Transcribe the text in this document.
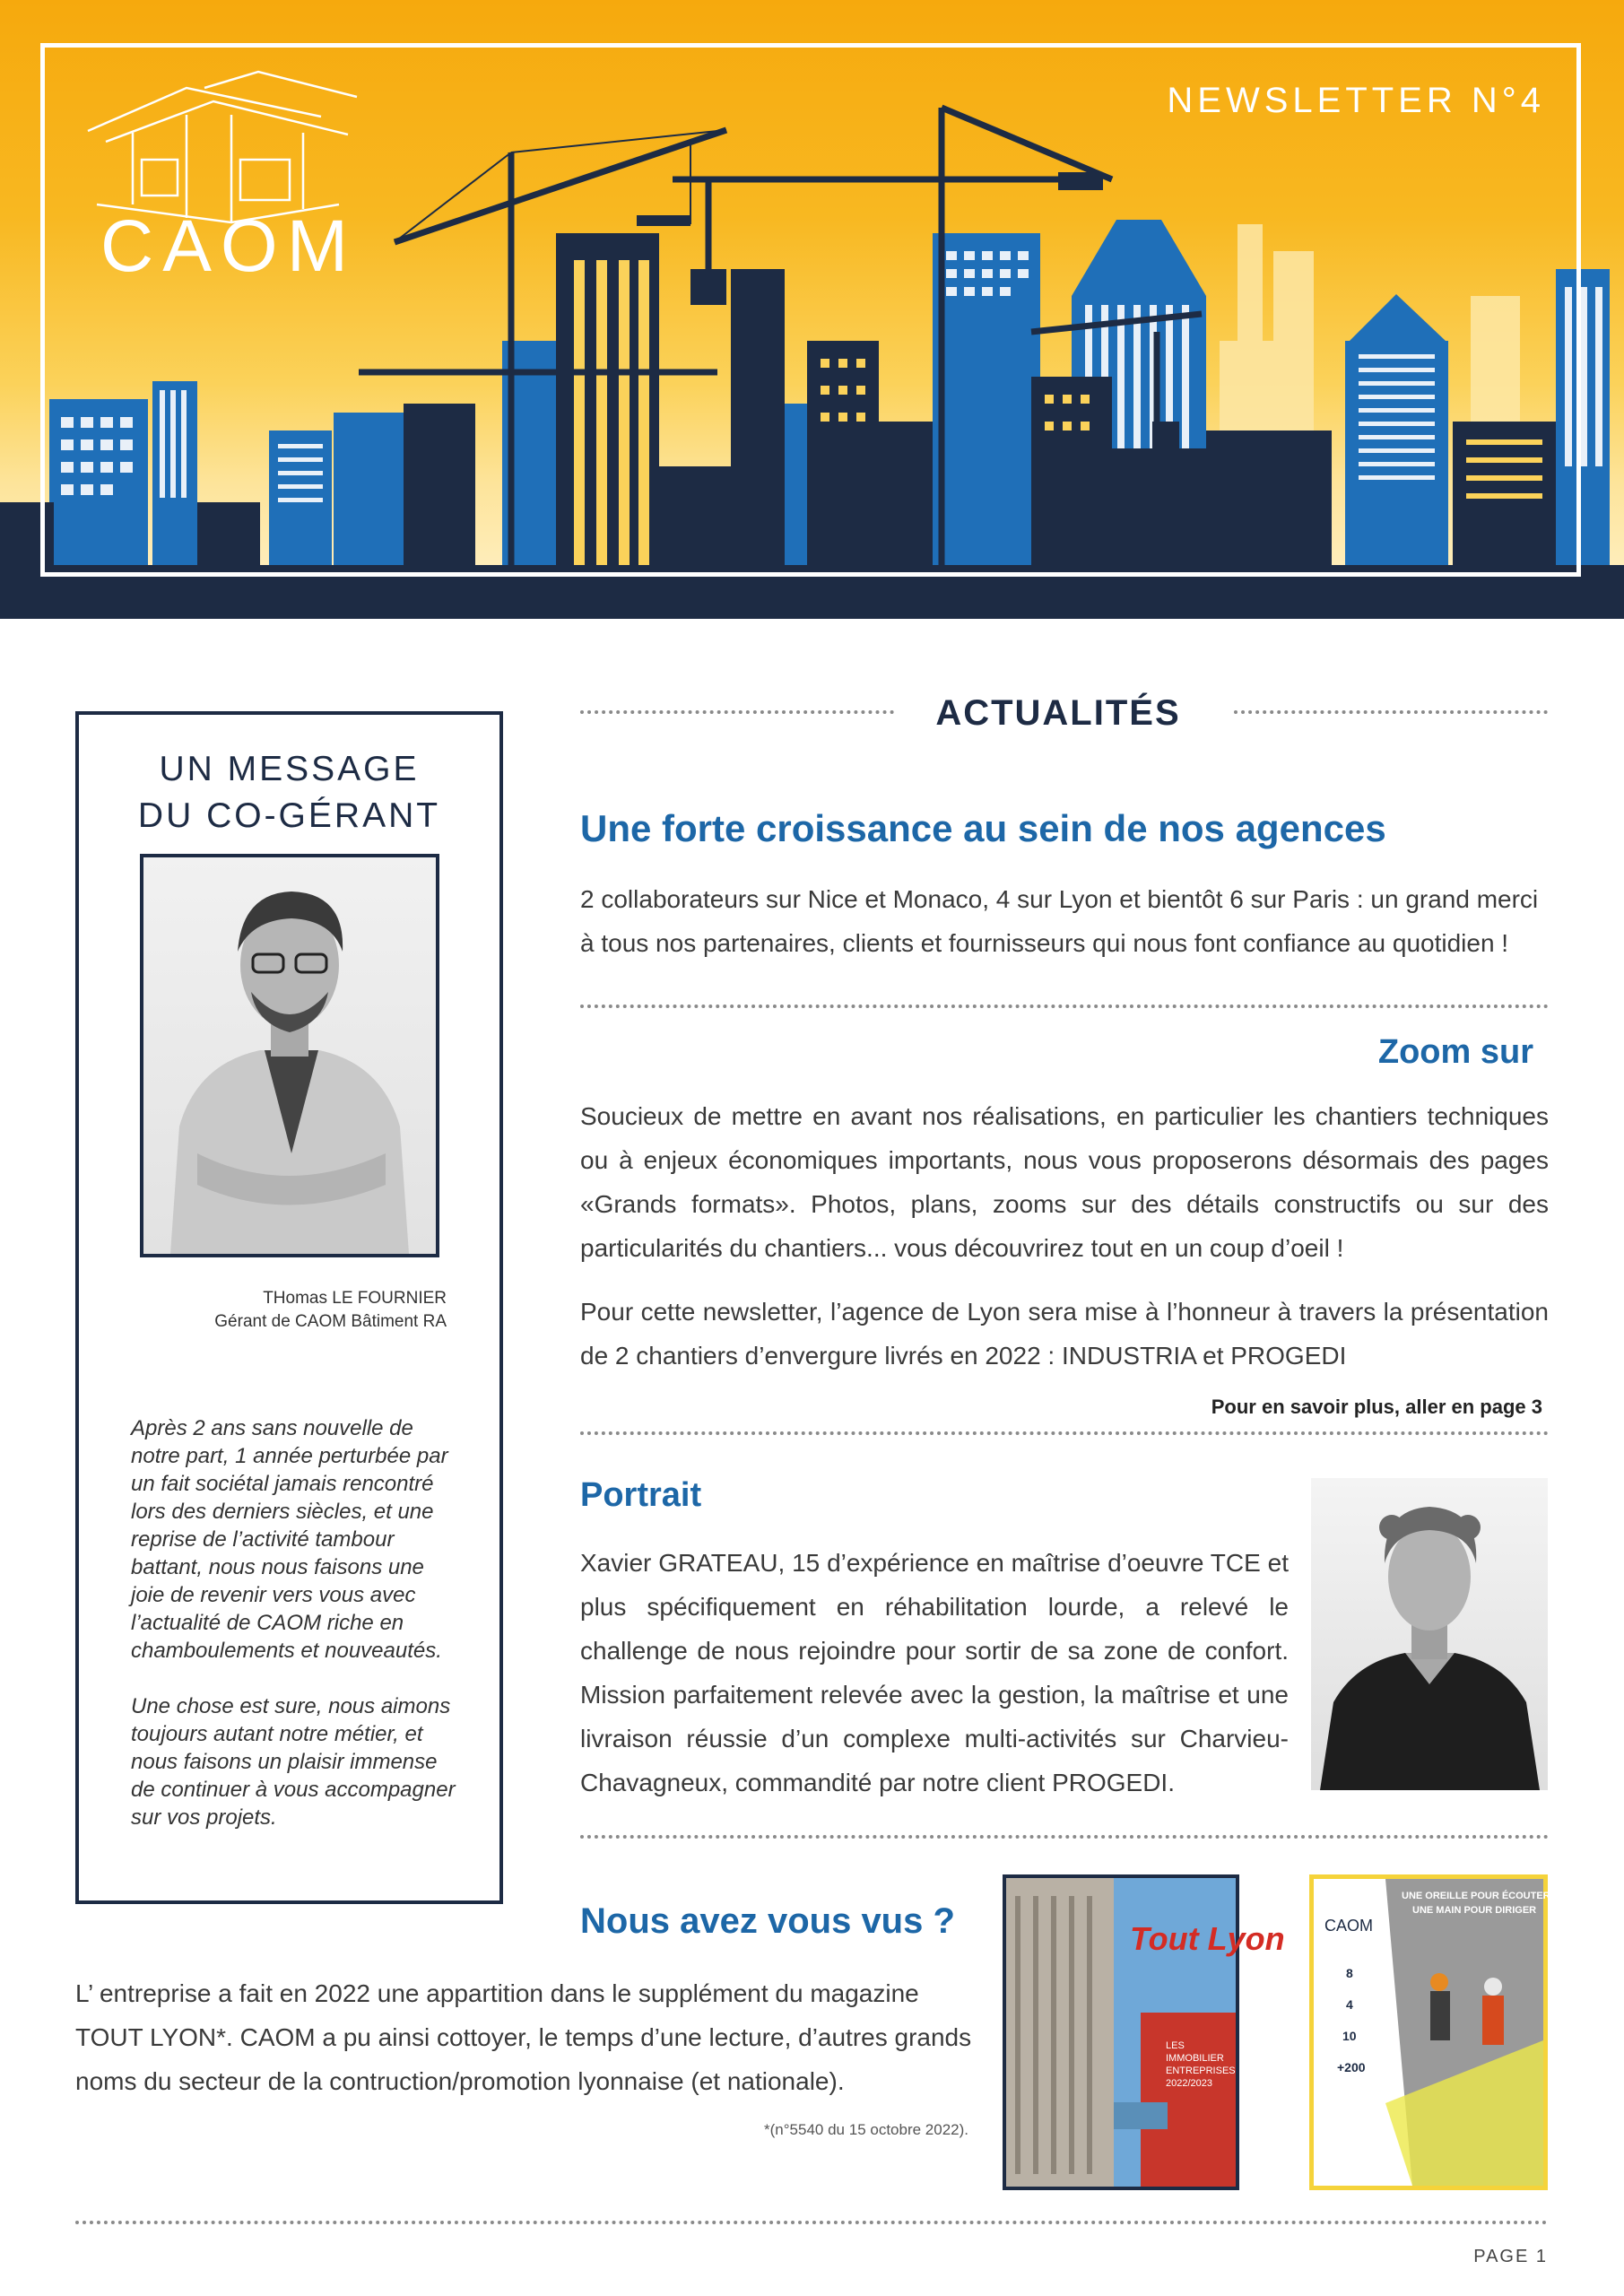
CAOM
NEWSLETTER N°4
UN MESSAGE
DU CO-GÉRANT
THomas LE FOURNIER
Gérant de CAOM Bâtiment RA
Après 2 ans sans nouvelle de notre part, 1 année perturbée par un fait sociétal jamais rencontré lors des derniers siècles, et une reprise de l’activité tambour battant, nous nous faisons une joie de revenir vers vous avec l’actualité de CAOM riche en chamboulements et nouveautés.
Une chose est sure, nous aimons toujours autant notre métier, et nous faisons un plaisir immense de continuer à vous accompagner sur vos projets.
ACTUALITÉS
Une forte croissance au sein de nos agences
2 collaborateurs sur Nice et Monaco, 4 sur Lyon et bientôt 6 sur Paris : un grand merci à tous nos partenaires, clients et fournisseurs qui nous font confiance au quotidien !
Zoom sur
Soucieux de mettre en avant nos réalisations, en particulier les chantiers techniques ou à enjeux économiques importants, nous vous proposerons désormais des pages «Grands formats». Photos, plans, zooms sur des détails constructifs ou sur des particularités du chantiers... vous découvrirez tout en un coup d’oeil !
Pour cette newsletter, l’agence de Lyon sera mise à l’honneur à travers la présentation de 2 chantiers d’envergure livrés en 2022 : INDUSTRIA et PROGEDI
Pour en savoir plus, aller en page 3
Portrait
Xavier GRATEAU, 15 d’expérience en maîtrise d’oeuvre TCE et plus spécifiquement en réhabilitation lourde, a relevé le challenge de nous rejoindre pour sortir de sa zone de confort. Mission parfaitement relevée avec la gestion, la maîtrise et une livraison réussie d’un complexe multi-activités sur Charvieu-Chavagneux, commandité par notre client PROGEDI.
Nous avez vous vus ?
L’ entreprise a fait en 2022 une appartition dans le supplément du magazine TOUT LYON*. CAOM a pu ainsi cottoyer, le temps d’une lecture, d’autres grands noms du secteur de la contruction/promotion lyonnaise (et nationale).
*(n°5540 du 15 octobre 2022).
Tout Lyon
LES
IMMOBILIER
ENTREPRISES
2022/2023
UNE OREILLE POUR ÉCOUTER
UNE MAIN POUR DIRIGER
CAOM
8
4
10
+200
PAGE 1
